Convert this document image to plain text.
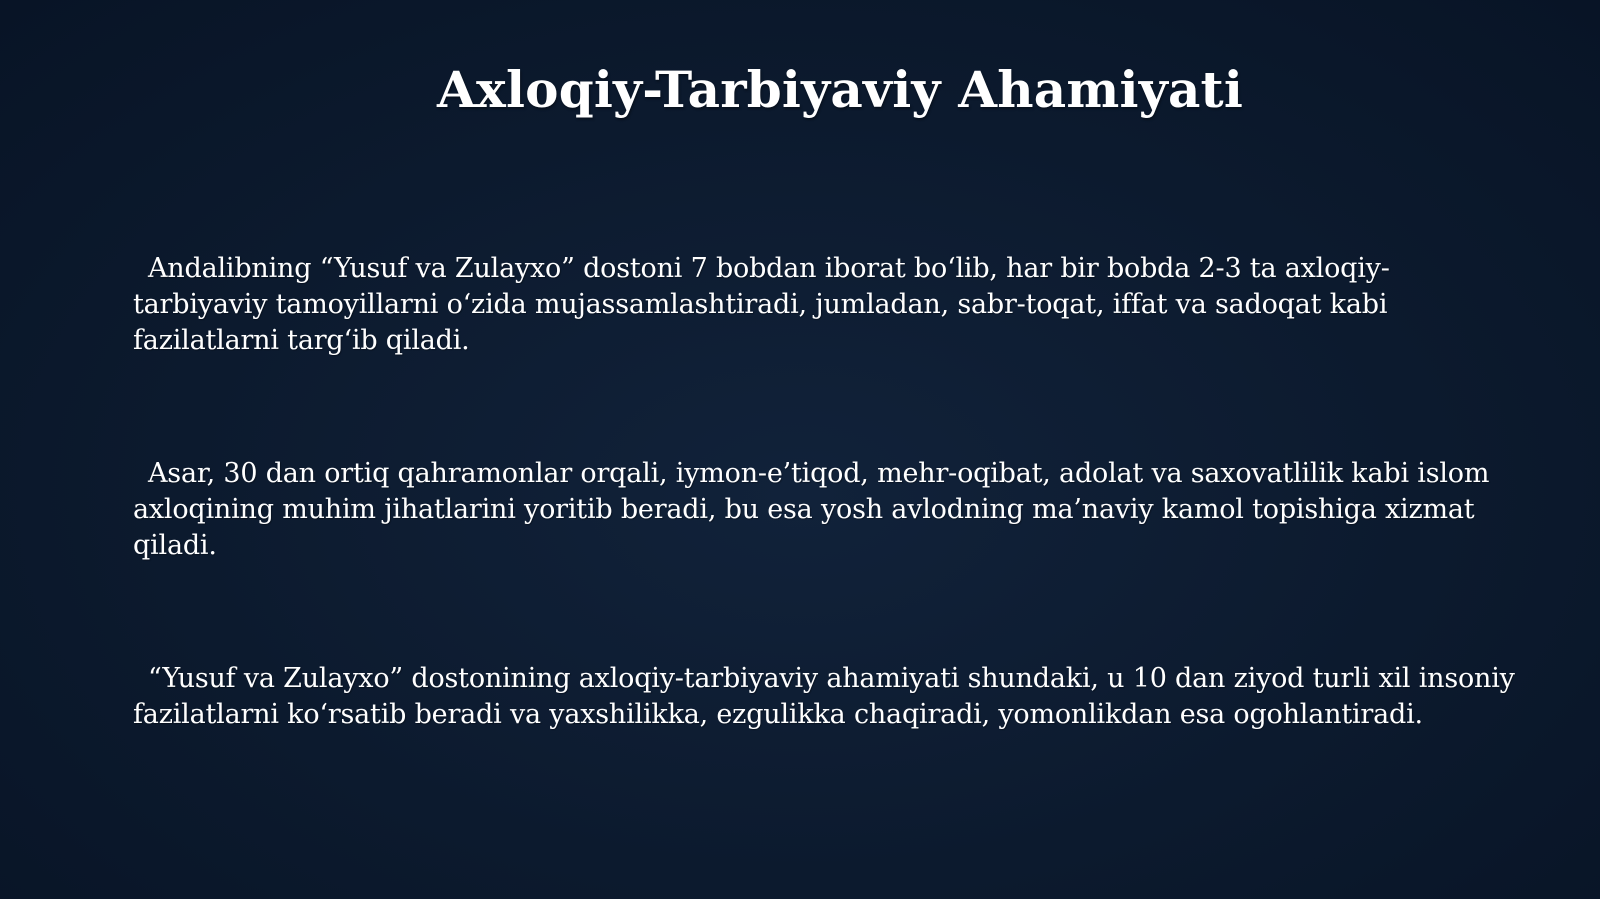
Axloqiy-Tarbiyaviy Ahamiyati

Andalibning “Yusuf va Zulayxo” dostoni 7 bobdan iborat bo‘lib, har bir bobda 2-3 ta axloqiy-tarbiyaviy tamoyillarni o‘zida mujassamlashtiradi, jumladan, sabr-toqat, iffat va sadoqat kabi fazilatlarni targ‘ib qiladi.

Asar, 30 dan ortiq qahramonlar orqali, iymon-e’tiqod, mehr-oqibat, adolat va saxovatlilik kabi islom axloqining muhim jihatlarini yoritib beradi, bu esa yosh avlodning ma’naviy kamol topishiga xizmat qiladi.

“Yusuf va Zulayxo” dostonining axloqiy-tarbiyaviy ahamiyati shundaki, u 10 dan ziyod turli xil insoniy fazilatlarni ko‘rsatib beradi va yaxshilikka, ezgulikka chaqiradi, yomonlikdan esa ogohlantiradi.
